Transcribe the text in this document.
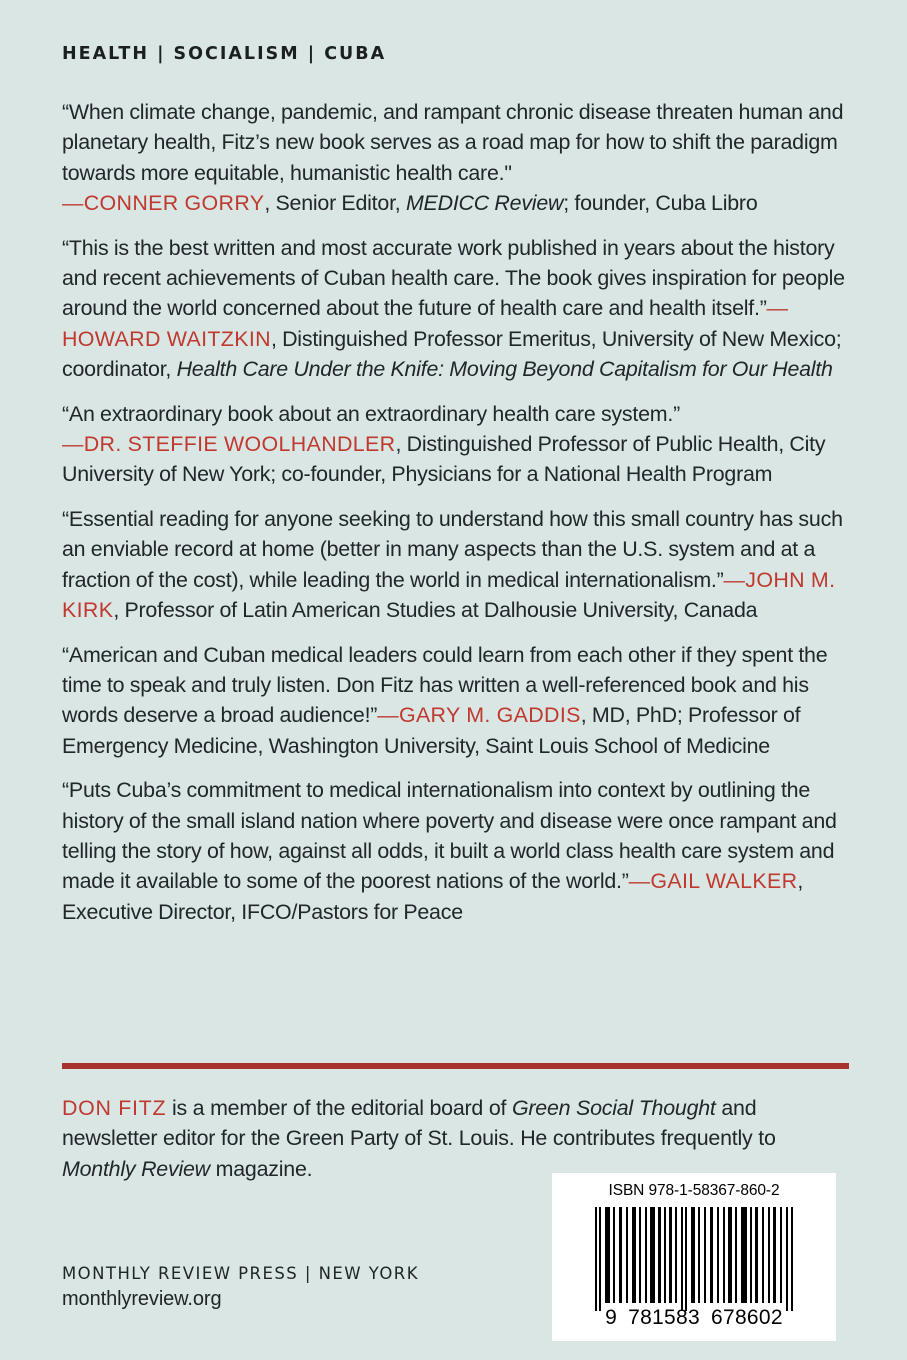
HEALTH | SOCIALISM | CUBA

“When climate change, pandemic, and rampant chronic disease threaten human and planetary health, Fitz’s new book serves as a road map for how to shift the paradigm towards more equitable, humanistic health care."
—CONNER GORRY, Senior Editor, MEDICC Review; founder, Cuba Libro

“This is the best written and most accurate work published in years about the history and recent achievements of Cuban health care. The book gives inspiration for people around the world concerned about the future of health care and health itself.”—HOWARD WAITZKIN, Distinguished Professor Emeritus, University of New Mexico; coordinator, Health Care Under the Knife: Moving Beyond Capitalism for Our Health

“An extraordinary book about an extraordinary health care system.”
—DR. STEFFIE WOOLHANDLER, Distinguished Professor of Public Health, City University of New York; co-founder, Physicians for a National Health Program

“Essential reading for anyone seeking to understand how this small country has such an enviable record at home (better in many aspects than the U.S. system and at a fraction of the cost), while leading the world in medical internationalism.”—JOHN M. KIRK, Professor of Latin American Studies at Dalhousie University, Canada

“American and Cuban medical leaders could learn from each other if they spent the time to speak and truly listen. Don Fitz has written a well-referenced book and his words deserve a broad audience!”—GARY M. GADDIS, MD, PhD; Professor of Emergency Medicine, Washington University, Saint Louis School of Medicine

“Puts Cuba’s commitment to medical internationalism into context by outlining the history of the small island nation where poverty and disease were once rampant and telling the story of how, against all odds, it built a world class health care system and made it available to some of the poorest nations of the world.”—GAIL WALKER, Executive Director, IFCO/Pastors for Peace

DON FITZ is a member of the editorial board of Green Social Thought and newsletter editor for the Green Party of St. Louis. He contributes frequently to Monthly Review magazine.
MONTHLY REVIEW PRESS | NEW YORK
monthlyreview.org
ISBN 978-1-58367-860-2
9 781583 678602
